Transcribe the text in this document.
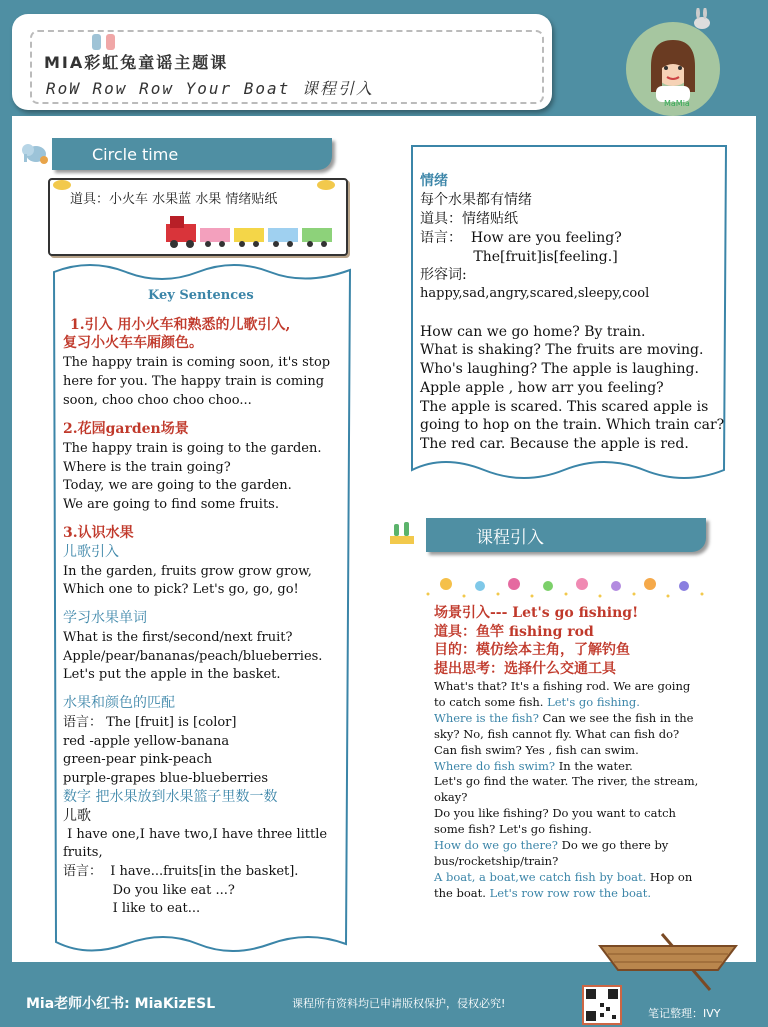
MIA彩虹兔童谣主题课
RoW Row Row Your Boat 课程引入
MaMia
Circle time
道具：小火车 水果蓝 水果 情绪贴纸
Key Sentences
1.引入 用小火车和熟悉的儿歌引入,
复习小火车车厢颜色。
The happy train is coming soon, it's stop
here for you. The happy train is coming
soon, choo choo choo choo...
2.花园garden场景
The happy train is going to the garden.
Where is the train going?
Today, we are going to the garden.
We are going to find some fruits.
3.认识水果
儿歌引入
In the garden, fruits grow grow grow,
Which one to pick? Let's go, go, go!
学习水果单词
What is the first/second/next fruit?
Apple/pear/bananas/peach/blueberries.
Let's put the apple in the basket.
水果和颜色的匹配
语言： The [fruit] is [color]
red -apple yellow-banana
green-pear pink-peach
purple-grapes blue-blueberries
数字 把水果放到水果篮子里数一数
儿歌
I have one,I have two,I have three little
fruits,
语言：  I have...fruits[in the basket].
Do you like eat ...?
I like to eat...
情绪
每个水果都有情绪
道具：情绪贴纸
语言：  How are you feeling?
The[fruit]is[feeling.]
形容词:
happy,sad,angry,scared,sleepy,cool
How can we go home? By train.
What is shaking? The fruits are moving.
Who's laughing? The apple is laughing.
Apple apple , how arr you feeling?
The apple is scared. This scared apple is
going to hop on the train. Which train car?
The red car. Because the apple is red.
课程引入
场景引入--- Let's go fishing!
道具：鱼竿 fishing rod
目的：模仿绘本主角，了解钓鱼
提出思考：选择什么交通工具
What's that? It's a fishing rod. We are going
to catch some fish. Let's go fishing.
Where is the fish? Can we see the fish in the
sky? No, fish cannot fly. What can fish do?
Can fish swim? Yes , fish can swim.
Where do fish swim? In the water.
Let's go find the water. The river, the stream,
okay?
Do you like fishing? Do you want to catch
some fish? Let's go fishing.
How do we go there? Do we go there by
bus/rocketship/train?
A boat, a boat,we catch fish by boat. Hop on
the boat. Let's row row row the boat.
Mia老师小红书: MiaKizESL	课程所有资料均已申请版权保护，侵权必究!
笔记整理：IVY
